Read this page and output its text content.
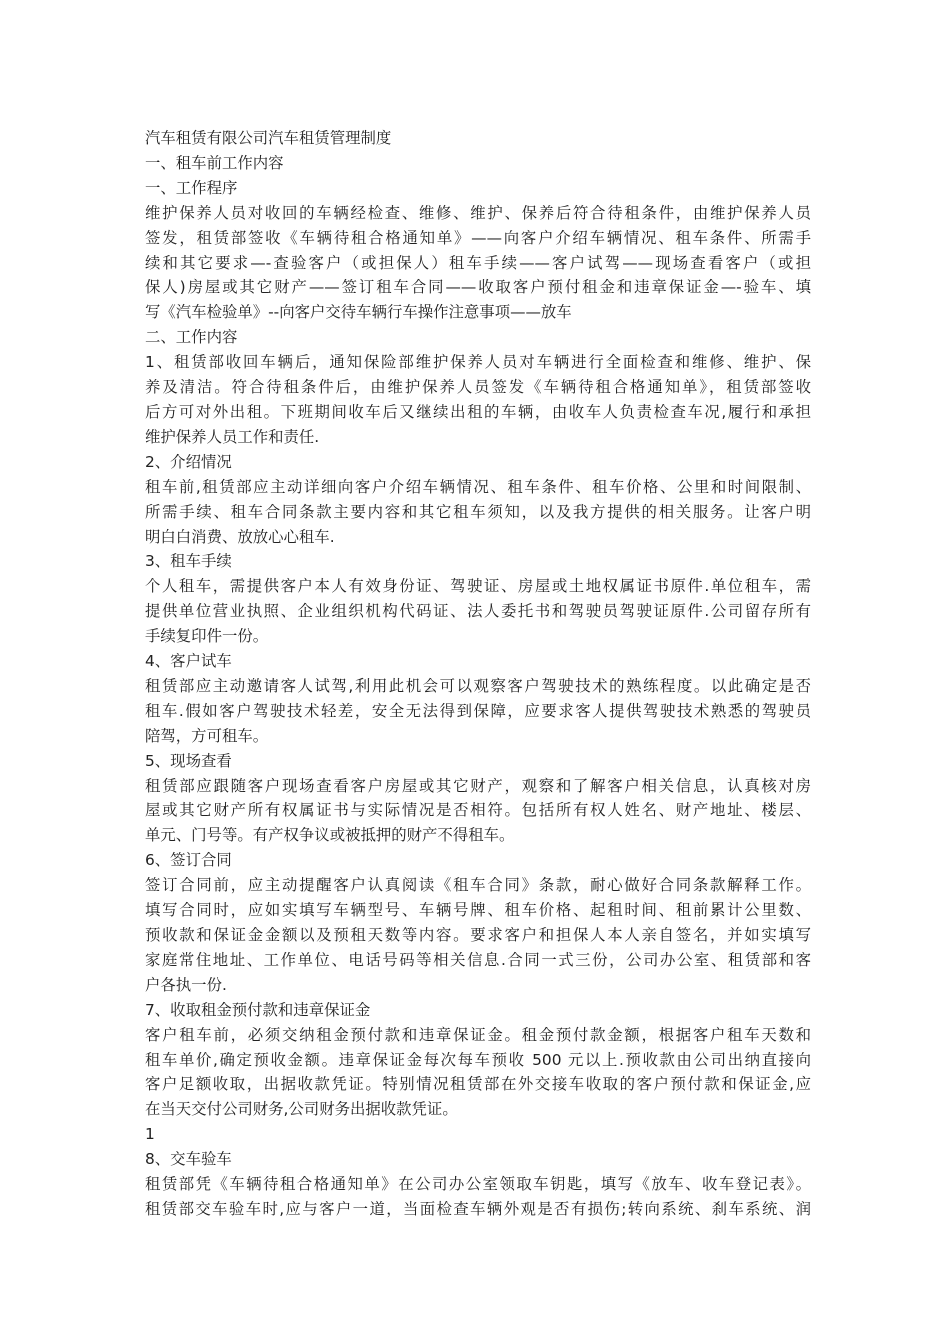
汽车租赁有限公司汽车租赁管理制度

一、租车前工作内容

一、工作程序

维护保养人员对收回的车辆经检查、维修、维护、保养后符合待租条件，由维护保养人员

签发，租赁部签收《车辆待租合格通知单》——向客户介绍车辆情况、租车条件、所需手

续和其它要求—-查验客户（或担保人）租车手续——客户试驾——现场查看客户（或担

保人)房屋或其它财产——签订租车合同——收取客户预付租金和违章保证金—-验车、填

写《汽车检验单》--向客户交待车辆行车操作注意事项——放车

二、工作内容

1、租赁部收回车辆后，通知保险部维护保养人员对车辆进行全面检查和维修、维护、保

养及清洁。符合待租条件后，由维护保养人员签发《车辆待租合格通知单》，租赁部签收

后方可对外出租。下班期间收车后又继续出租的车辆，由收车人负责检查车况,履行和承担

维护保养人员工作和责任.

2、介绍情况

租车前,租赁部应主动详细向客户介绍车辆情况、租车条件、租车价格、公里和时间限制、

所需手续、租车合同条款主要内容和其它租车须知，以及我方提供的相关服务。让客户明

明白白消费、放放心心租车.

3、租车手续

个人租车，需提供客户本人有效身份证、驾驶证、房屋或土地权属证书原件.单位租车，需

提供单位营业执照、企业组织机构代码证、法人委托书和驾驶员驾驶证原件.公司留存所有

手续复印件一份。

4、客户试车

租赁部应主动邀请客人试驾,利用此机会可以观察客户驾驶技术的熟练程度。以此确定是否

租车.假如客户驾驶技术轻差，安全无法得到保障，应要求客人提供驾驶技术熟悉的驾驶员

陪驾，方可租车。

5、现场查看

租赁部应跟随客户现场查看客户房屋或其它财产，观察和了解客户相关信息，认真核对房

屋或其它财产所有权属证书与实际情况是否相符。包括所有权人姓名、财产地址、楼层、

单元、门号等。有产权争议或被抵押的财产不得租车。

6、签订合同

签订合同前，应主动提醒客户认真阅读《租车合同》条款，耐心做好合同条款解释工作。

填写合同时，应如实填写车辆型号、车辆号牌、租车价格、起租时间、租前累计公里数、

预收款和保证金金额以及预租天数等内容。要求客户和担保人本人亲自签名，并如实填写

家庭常住地址、工作单位、电话号码等相关信息.合同一式三份，公司办公室、租赁部和客

户各执一份.

7、收取租金预付款和违章保证金

客户租车前，必须交纳租金预付款和违章保证金。租金预付款金额，根据客户租车天数和

租车单价,确定预收金额。违章保证金每次每车预收 500 元以上.预收款由公司出纳直接向

客户足额收取，出据收款凭证。特别情况租赁部在外交接车收取的客户预付款和保证金,应

在当天交付公司财务,公司财务出据收款凭证。

1

8、交车验车

租赁部凭《车辆待租合格通知单》在公司办公室领取车钥匙，填写《放车、收车登记表》。

租赁部交车验车时,应与客户一道，当面检查车辆外观是否有损伤;转向系统、刹车系统、润
